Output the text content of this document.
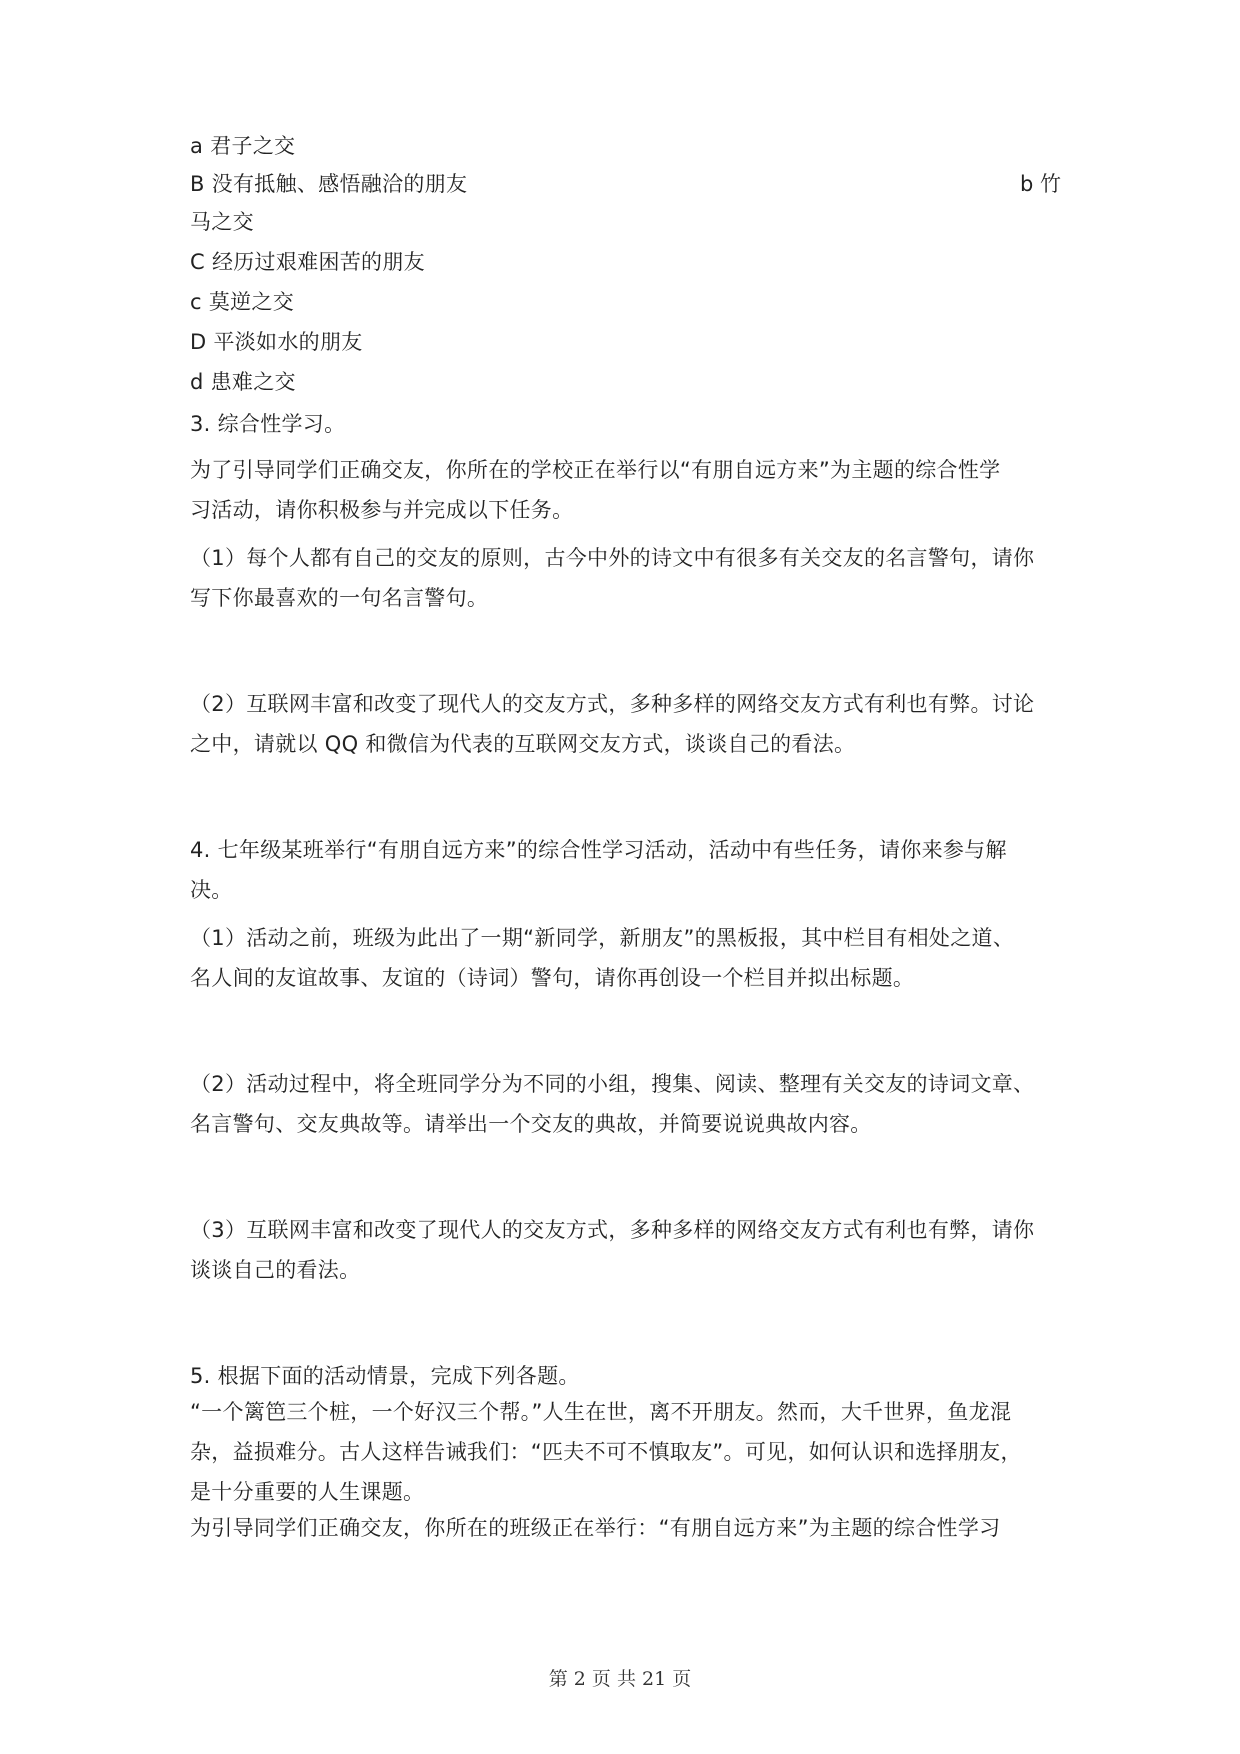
a 君子之交
B 没有抵触、感悟融洽的朋友	b 竹
马之交
C 经历过艰难困苦的朋友
c 莫逆之交
D 平淡如水的朋友
d 患难之交
3. 综合性学习。
为了引导同学们正确交友，你所在的学校正在举行以“有朋自远方来”为主题的综合性学
习活动，请你积极参与并完成以下任务。
（1）每个人都有自己的交友的原则，古今中外的诗文中有很多有关交友的名言警句，请你
写下你最喜欢的一句名言警句。
（2）互联网丰富和改变了现代人的交友方式，多种多样的网络交友方式有利也有弊。讨论
之中，请就以 QQ 和微信为代表的互联网交友方式，谈谈自己的看法。
4. 七年级某班举行“有朋自远方来”的综合性学习活动，活动中有些任务，请你来参与解
决。
（1）活动之前，班级为此出了一期“新同学，新朋友”的黑板报，其中栏目有相处之道、
名人间的友谊故事、友谊的（诗词）警句，请你再创设一个栏目并拟出标题。
（2）活动过程中，将全班同学分为不同的小组，搜集、阅读、整理有关交友的诗词文章、
名言警句、交友典故等。请举出一个交友的典故，并简要说说典故内容。
（3）互联网丰富和改变了现代人的交友方式，多种多样的网络交友方式有利也有弊，请你
谈谈自己的看法。
5. 根据下面的活动情景，完成下列各题。
“一个篱笆三个桩，一个好汉三个帮。”人生在世，离不开朋友。然而，大千世界，鱼龙混
杂，益损难分。古人这样告诫我们：“匹夫不可不慎取友”。可见，如何认识和选择朋友，
是十分重要的人生课题。
为引导同学们正确交友，你所在的班级正在举行：“有朋自远方来”为主题的综合性学习
第 2 页 共 21 页
